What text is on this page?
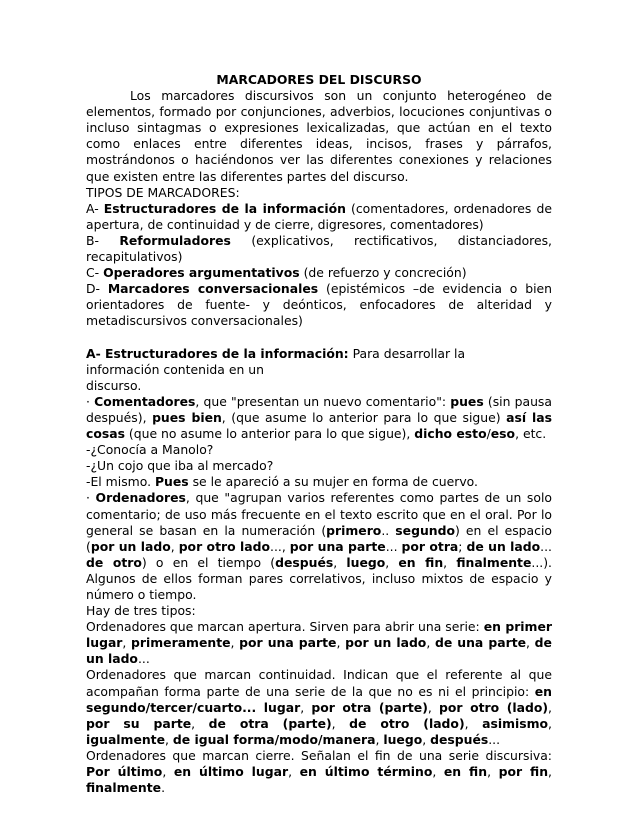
MARCADORES DEL DISCURSO

Los marcadores discursivos son un conjunto heterogéneo de elementos, formado por conjunciones, adverbios, locuciones conjuntivas o incluso sintagmas o expresiones lexicalizadas, que actúan en el texto como enlaces entre diferentes ideas, incisos, frases y párrafos, mostrándonos o haciéndonos ver las diferentes conexiones y relaciones que existen entre las diferentes partes del discurso.

TIPOS DE MARCADORES:

A- Estructuradores de la información (comentadores, ordenadores de apertura, de continuidad y de cierre, digresores, comentadores)

B- Reformuladores (explicativos, rectificativos, distanciadores, recapitulativos)

C- Operadores argumentativos (de refuerzo y concreción)

D- Marcadores conversacionales (epistémicos –de evidencia o bien orientadores de fuente- y deónticos, enfocadores de alteridad y metadiscursivos conversacionales)

A- Estructuradores de la información: Para desarrollar la

información contenida en un

discurso.

· Comentadores, que "presentan un nuevo comentario": pues (sin pausa después), pues bien, (que asume lo anterior para lo que sigue) así las cosas (que no asume lo anterior para lo que sigue), dicho esto/eso, etc.

-¿Conocía a Manolo?

-¿Un cojo que iba al mercado?

-El mismo. Pues se le apareció a su mujer en forma de cuervo.

· Ordenadores, que "agrupan varios referentes como partes de un solo comentario; de uso más frecuente en el texto escrito que en el oral. Por lo general se basan en la numeración (primero.. segundo) en el espacio (por un lado, por otro lado..., por una parte... por otra; de un lado... de otro) o en el tiempo (después, luego, en fin, finalmente...). Algunos de ellos forman pares correlativos, incluso mixtos de espacio y número o tiempo.

Hay de tres tipos:

Ordenadores que marcan apertura. Sirven para abrir una serie: en primer lugar, primeramente, por una parte, por un lado, de una parte, de un lado...

Ordenadores que marcan continuidad. Indican que el referente al que acompañan forma parte de una serie de la que no es ni el principio: en segundo/tercer/cuarto... lugar, por otra (parte), por otro (lado), por su parte, de otra (parte), de otro (lado), asimismo, igualmente, de igual forma/modo/manera, luego, después...

Ordenadores que marcan cierre. Señalan el fin de una serie discursiva: Por último, en último lugar, en último término, en fin, por fin, finalmente.
